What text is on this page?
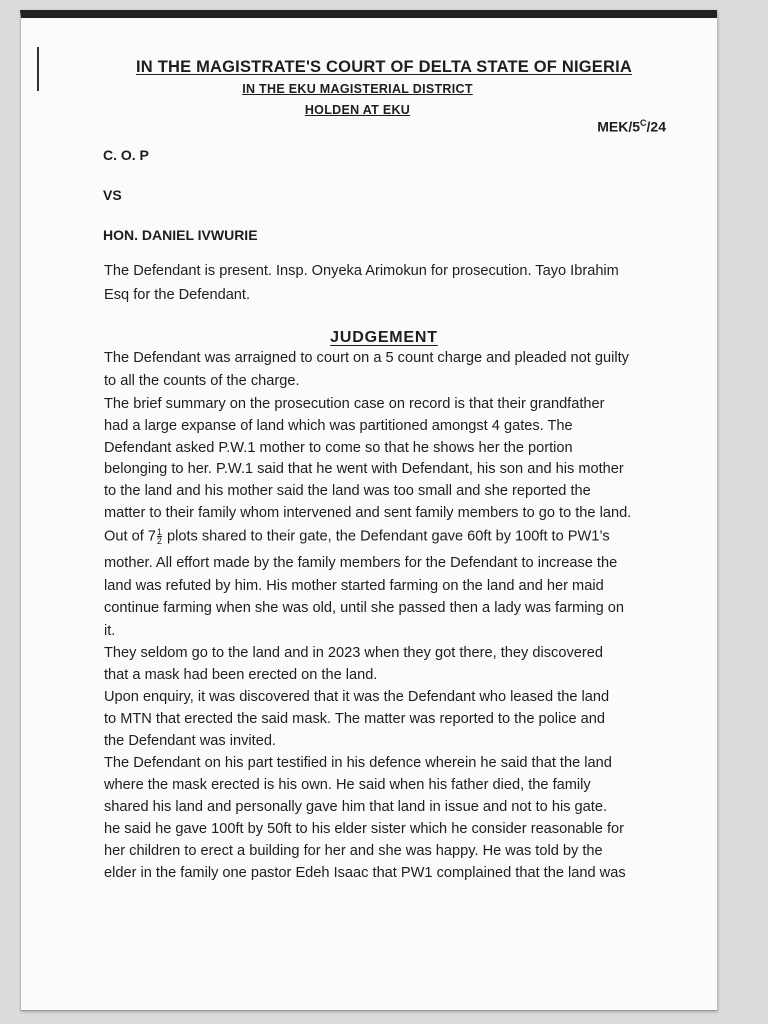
IN THE MAGISTRATE'S COURT OF DELTA STATE OF NIGERIA
IN THE EKU MAGISTERIAL DISTRICT
HOLDEN AT EKU
MEK/$5^C/24$
C. O. P
VS
HON. DANIEL IVWURIE
The Defendant is present. Insp. Onyeka Arimokun for prosecution. Tayo Ibrahim
Esq for the Defendant.
JUDGEMENT
The Defendant was arraigned to court on a 5 count charge and pleaded not guilty
to all the counts of the charge.
The brief summary on the prosecution case on record is that their grandfather
had a large expanse of land which was partitioned amongst 4 gates. The
Defendant asked P.W.1 mother to come so that he shows her the portion
belonging to her. P.W.1 said that he went with Defendant, his son and his mother
to the land and his mother said the land was too small and she reported the
matter to their family whom intervened and sent family members to go to the land.
Out of $7 \frac{1}{2}$ plots shared to their gate, the Defendant gave 60ft by 100ft to PW1’s
mother. All effort made by the family members for the Defendant to increase the
land was refuted by him. His mother started farming on the land and her maid
continue farming when she was old, until she passed then a lady was farming on
it.
They seldom go to the land and in 2023 when they got there, they discovered
that a mask had been erected on the land.
Upon enquiry, it was discovered that it was the Defendant who leased the land
to MTN that erected the said mask. The matter was reported to the police and
the Defendant was invited.
The Defendant on his part testified in his defence wherein he said that the land
where the mask erected is his own. He said when his father died, the family
shared his land and personally gave him that land in issue and not to his gate.
he said he gave 100ft by 50ft to his elder sister which he consider reasonable for
her children to erect a building for her and she was happy. He was told by the
elder in the family one pastor Edeh Isaac that PW1 complained that the land was
